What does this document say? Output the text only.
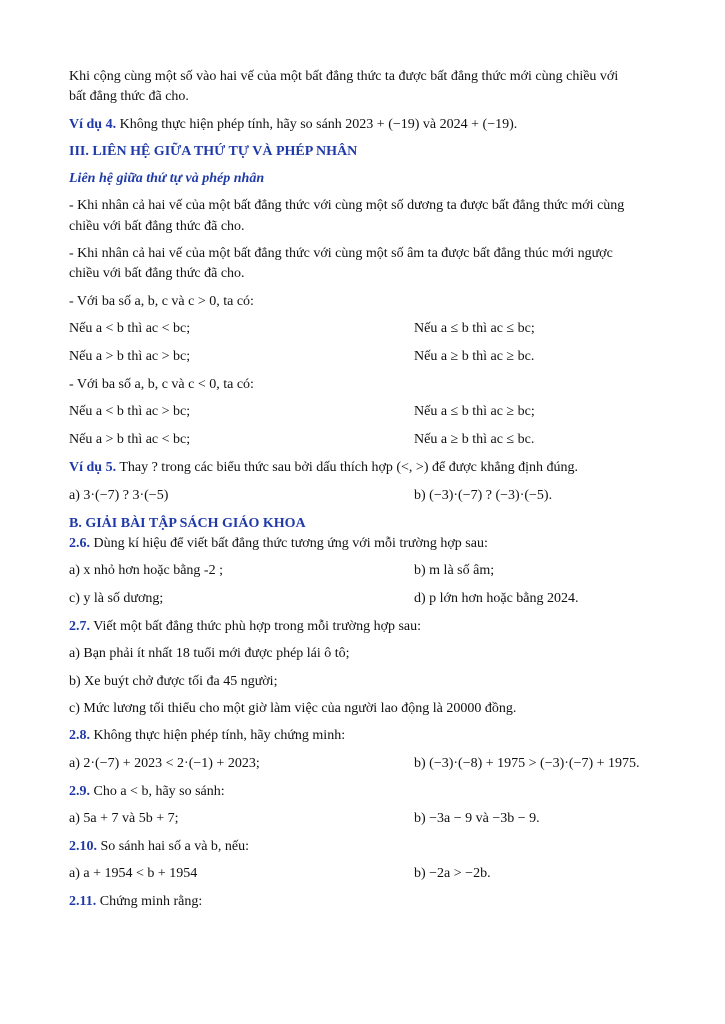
Khi cộng cùng một số vào hai vế của một bất đẳng thức ta được bất đẳng thức mới cùng chiều với

bất đẳng thức đã cho.

Ví dụ 4. Không thực hiện phép tính, hãy so sánh 2023 + (−19) và 2024 + (−19).

III. LIÊN HỆ GIỮA THỨ TỰ VÀ PHÉP NHÂN

Liên hệ giữa thứ tự và phép nhân

- Khi nhân cả hai vế của một bất đẳng thức với cùng một số dương ta được bất đẳng thức mới cùng

chiều với bất đẳng thức đã cho.

- Khi nhân cả hai vế của một bất đẳng thức với cùng một số âm ta được bất đẳng thúc mới ngược

chiều với bất đẳng thức đã cho.

- Với ba số a, b, c và c > 0, ta có:

Nếu a < b thì ac < bc;	Nếu a ≤ b thì ac ≤ bc;
Nếu a > b thì ac > bc;	Nếu a ≥ b thì ac ≥ bc.

- Với ba số a, b, c và c < 0, ta có:

Nếu a < b thì ac > bc;	Nếu a ≤ b thì ac ≥ bc;
Nếu a > b thì ac < bc;	Nếu a ≥ b thì ac ≤ bc.

Ví dụ 5. Thay ? trong các biểu thức sau bởi dấu thích hợp (<, >) để được khẳng định đúng.

a) 3·(−7) ? 3·(−5)	b) (−3)·(−7) ? (−3)·(−5).

B. GIẢI BÀI TẬP SÁCH GIÁO KHOA

2.6. Dùng kí hiệu để viết bất đẳng thức tương ứng với mỗi trường hợp sau:

a) x nhỏ hơn hoặc bằng -2 ;	b) m là số âm;
c) y là số dương;	d) p lớn hơn hoặc bằng 2024.

2.7. Viết một bất đẳng thức phù hợp trong mỗi trường hợp sau:

a) Bạn phải ít nhất 18 tuổi mới được phép lái ô tô;

b) Xe buýt chở được tối đa 45 người;

c) Mức lương tối thiểu cho một giờ làm việc của người lao động là 20000 đồng.

2.8. Không thực hiện phép tính, hãy chứng minh:

a) 2·(−7) + 2023 < 2·(−1) + 2023;	b) (−3)·(−8) + 1975 > (−3)·(−7) + 1975.

2.9. Cho a < b, hãy so sánh:

a) 5a + 7 và 5b + 7;	b) −3a − 9 và −3b − 9.

2.10. So sánh hai số a và b, nếu:

a) a + 1954 < b + 1954	b) −2a > −2b.

2.11. Chứng minh rằng:
